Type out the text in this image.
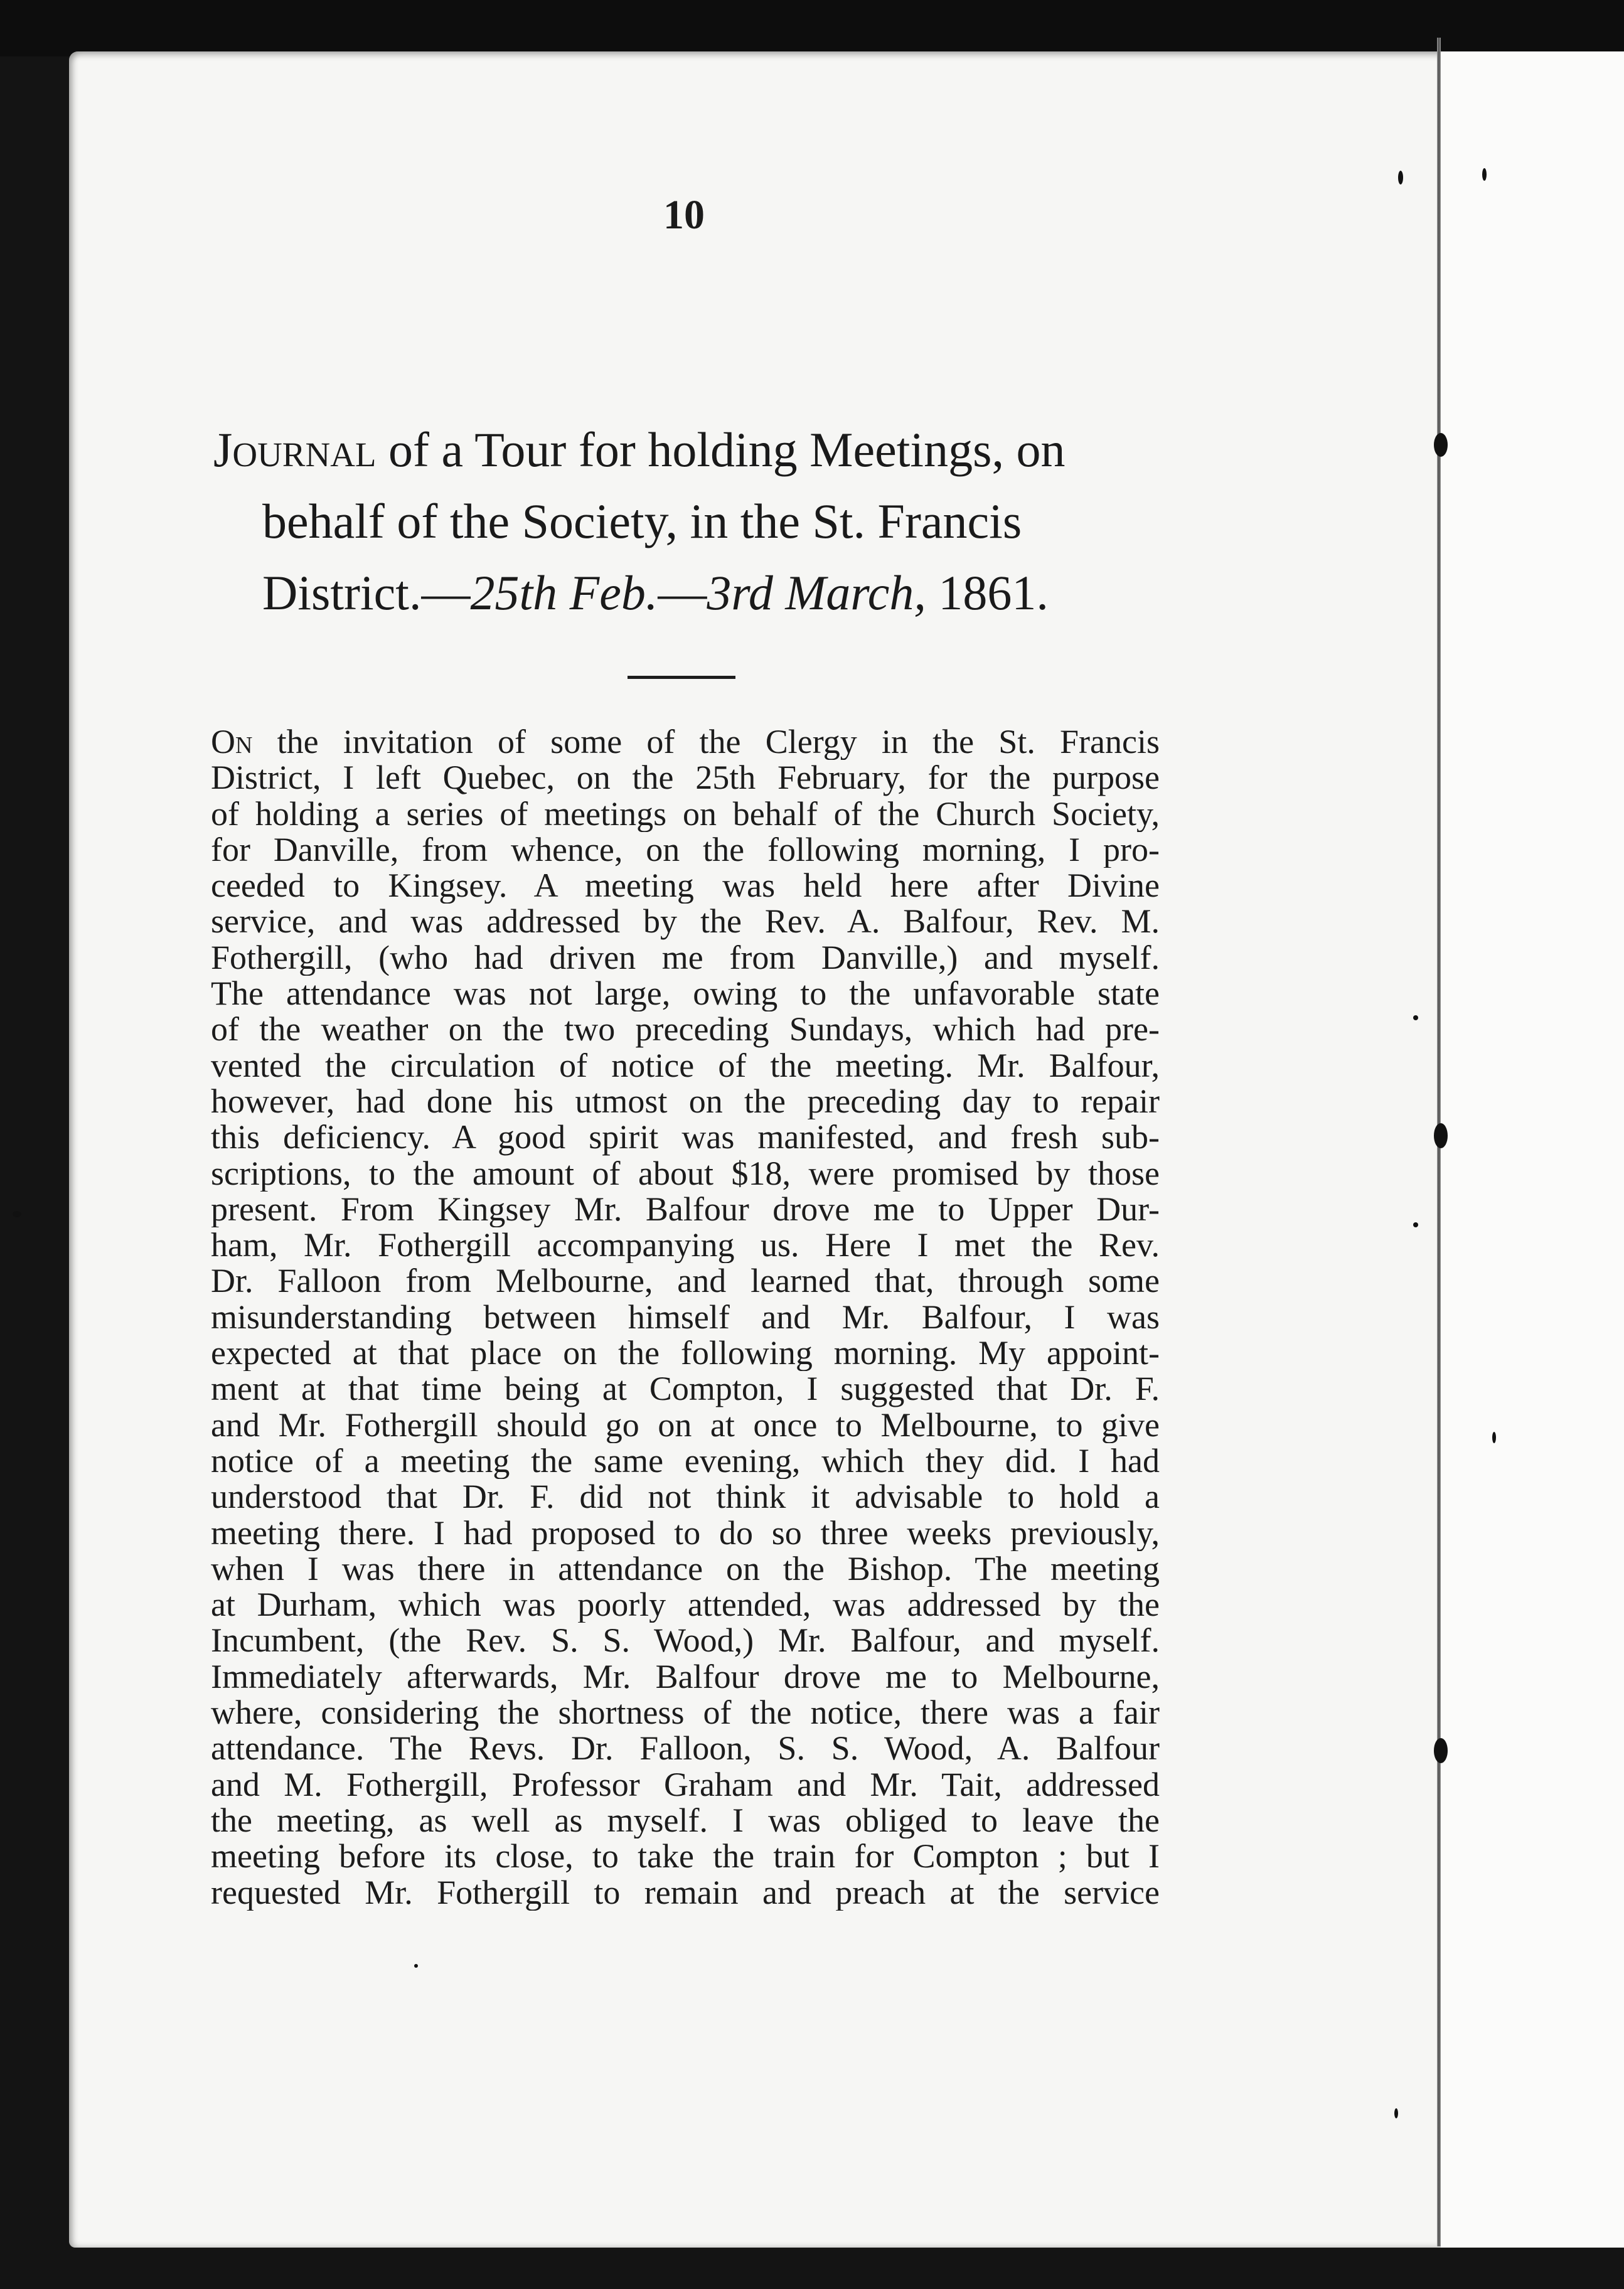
10
Journal of a Tour for holding Meetings, on
behalf of the Society, in the St. Francis
District.—25th Feb.—3rd March, 1861.
On the invitation of some of the Clergy in the St. Francis
District, I left Quebec, on the 25th February, for the purpose
of holding a series of meetings on behalf of the Church Society,
for Danville, from whence, on the following morning, I pro-
ceeded to Kingsey. A meeting was held here after Divine
service, and was addressed by the Rev. A. Balfour, Rev. M.
Fothergill, (who had driven me from Danville,) and myself.
The attendance was not large, owing to the unfavorable state
of the weather on the two preceding Sundays, which had pre-
vented the circulation of notice of the meeting. Mr. Balfour,
however, had done his utmost on the preceding day to repair
this deficiency. A good spirit was manifested, and fresh sub-
scriptions, to the amount of about $18, were promised by those
present. From Kingsey Mr. Balfour drove me to Upper Dur-
ham, Mr. Fothergill accompanying us. Here I met the Rev.
Dr. Falloon from Melbourne, and learned that, through some
misunderstanding between himself and Mr. Balfour, I was
expected at that place on the following morning. My appoint-
ment at that time being at Compton, I suggested that Dr. F.
and Mr. Fothergill should go on at once to Melbourne, to give
notice of a meeting the same evening, which they did. I had
understood that Dr. F. did not think it advisable to hold a
meeting there. I had proposed to do so three weeks previously,
when I was there in attendance on the Bishop. The meeting
at Durham, which was poorly attended, was addressed by the
Incumbent, (the Rev. S. S. Wood,) Mr. Balfour, and myself.
Immediately afterwards, Mr. Balfour drove me to Melbourne,
where, considering the shortness of the notice, there was a fair
attendance. The Revs. Dr. Falloon, S. S. Wood, A. Balfour
and M. Fothergill, Professor Graham and Mr. Tait, addressed
the meeting, as well as myself. I was obliged to leave the
meeting before its close, to take the train for Compton ; but I
requested Mr. Fothergill to remain and preach at the service
